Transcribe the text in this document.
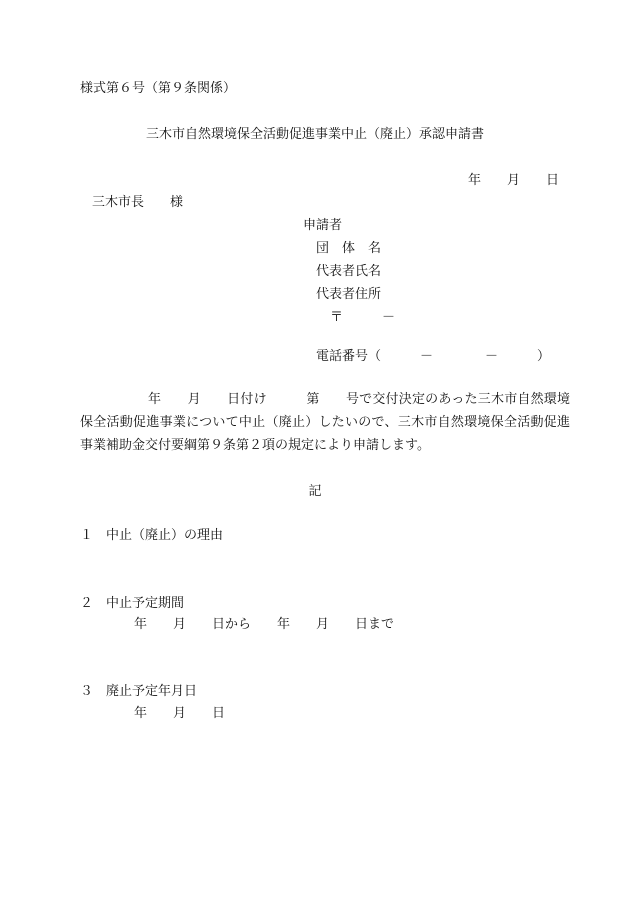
様式第６号（第９条関係）

三木市自然環境保全活動促進事業中止（廃止）承認申請書

年　　月　　日

三木市長　　様

申請者

団　体　名

代表者氏名

代表者住所

〒　　　－

電話番号（　　　－　　　　－　　　）

年　　月　　日付け　　　第　　号で交付決定のあった三木市自然環境保全活動促進事業について中止（廃止）したいので、三木市自然環境保全活動促進事業補助金交付要綱第９条第２項の規定により申請します。

記

１　中止（廃止）の理由

２　中止予定期間

年　　月　　日から　　年　　月　　日まで

３　廃止予定年月日

年　　月　　日
